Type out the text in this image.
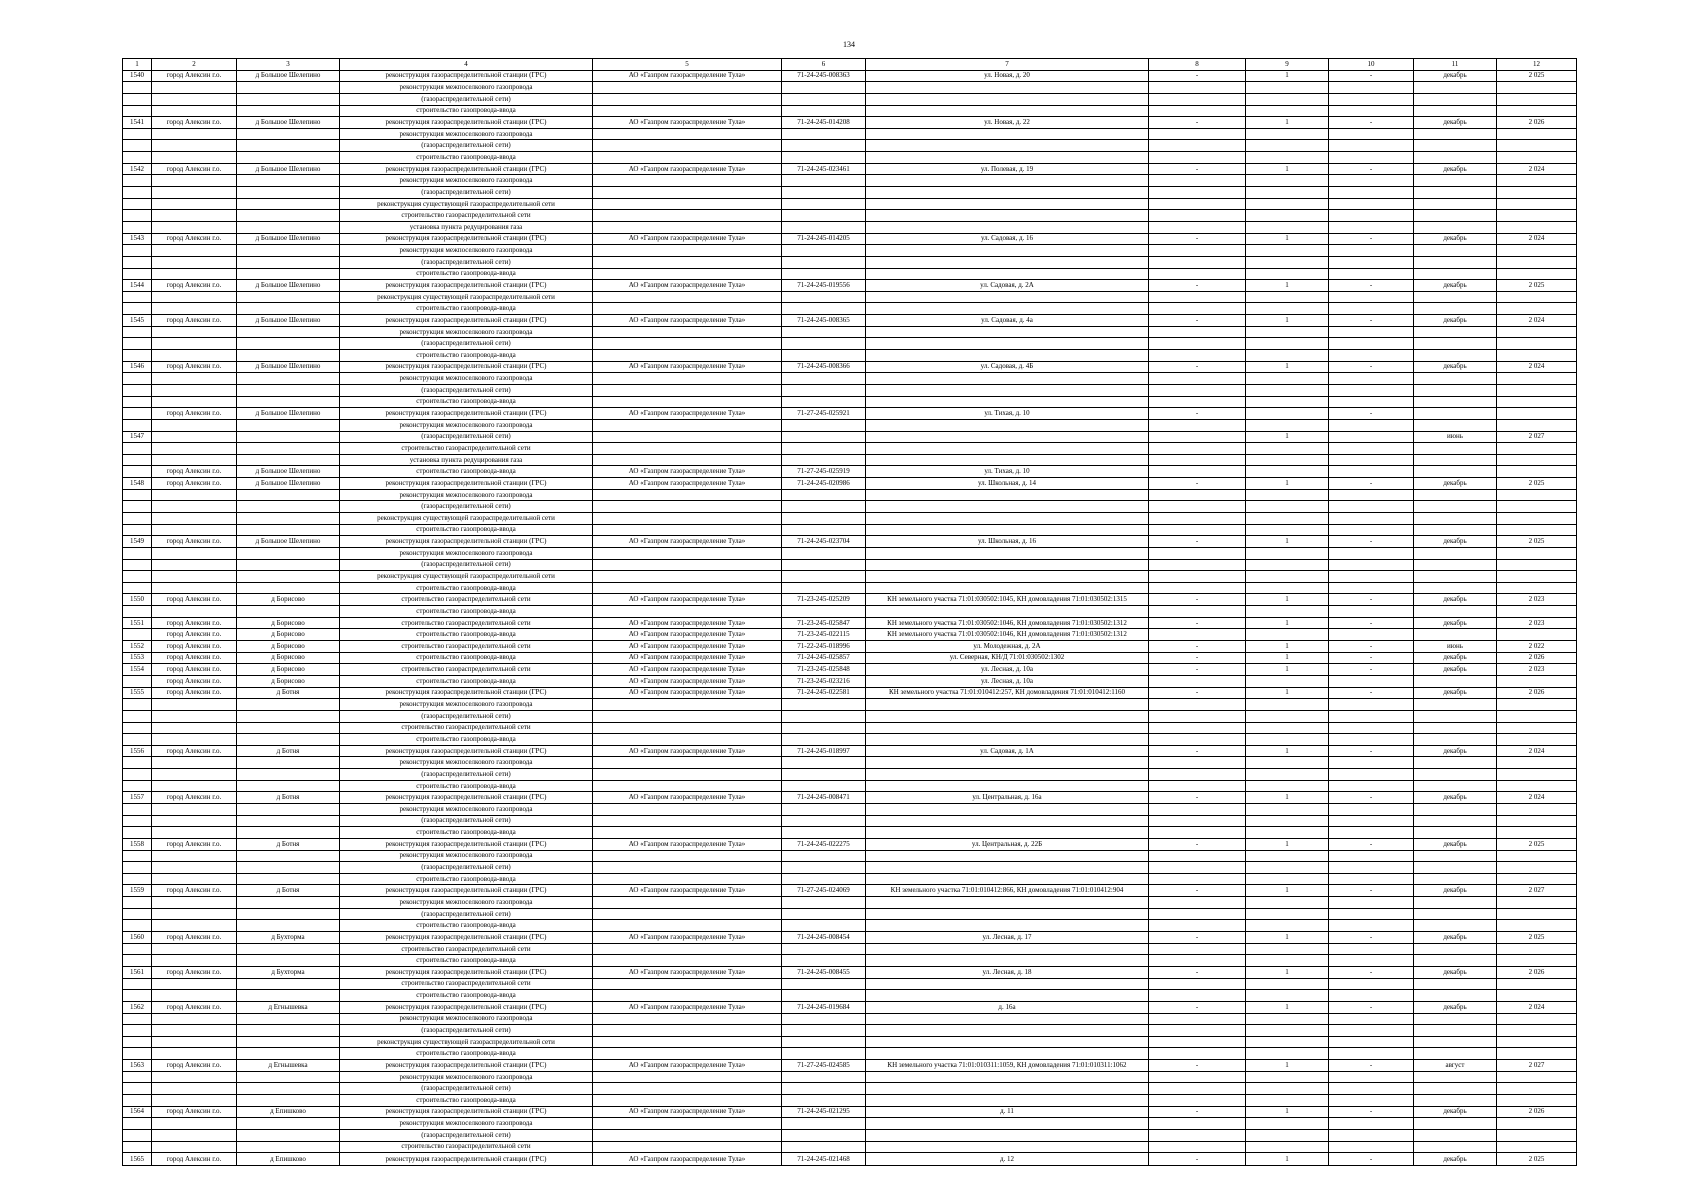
134
1	2	3	4	5	6	7	8	9	10	11	12
1540	город Алексин г.о.	д Большое Шелепино	реконструкция газораспределительной станции (ГРС)	АО «Газпром газораспределение Тула»	71-24-245-008363	ул. Новая, д. 20	-	1	-	декабрь	2 025
			реконструкция межпоселкового газопровода								
			(газораспределительной сети)								
			строительство газопровода-ввода								
1541	город Алексин г.о.	д Большое Шелепино	реконструкция газораспределительной станции (ГРС)	АО «Газпром газораспределение Тула»	71-24-245-014208	ул. Новая, д. 22	-	1	-	декабрь	2 026
			реконструкция межпоселкового газопровода								
			(газораспределительной сети)								
			строительство газопровода-ввода								
1542	город Алексин г.о.	д Большое Шелепино	реконструкция газораспределительной станции (ГРС)	АО «Газпром газораспределение Тула»	71-24-245-023461	ул. Полевая, д. 19	-	1	-	декабрь	2 024
			реконструкция межпоселкового газопровода								
			(газораспределительной сети)								
			реконструкция существующей газораспределительной сети								
			строительство газораспределительной сети								
			установка пункта редуцирования газа								
1543	город Алексин г.о.	д Большое Шелепино	реконструкция газораспределительной станции (ГРС)	АО «Газпром газораспределение Тула»	71-24-245-014205	ул. Садовая, д. 16	-	1	-	декабрь	2 024
			реконструкция межпоселкового газопровода								
			(газораспределительной сети)								
			строительство газопровода-ввода								
1544	город Алексин г.о.	д Большое Шелепино	реконструкция газораспределительной станции (ГРС)	АО «Газпром газораспределение Тула»	71-24-245-019556	ул. Садовая, д. 2А	-	1	-	декабрь	2 025
			реконструкция существующей газораспределительной сети								
			строительство газопровода-ввода								
1545	город Алексин г.о.	д Большое Шелепино	реконструкция газораспределительной станции (ГРС)	АО «Газпром газораспределение Тула»	71-24-245-008365	ул. Садовая, д. 4а	-	1	-	декабрь	2 024
			реконструкция межпоселкового газопровода								
			(газораспределительной сети)								
			строительство газопровода-ввода								
1546	город Алексин г.о.	д Большое Шелепино	реконструкция газораспределительной станции (ГРС)	АО «Газпром газораспределение Тула»	71-24-245-008366	ул. Садовая, д. 4Б	-	1	-	декабрь	2 024
			реконструкция межпоселкового газопровода								
			(газораспределительной сети)								
			строительство газопровода-ввода								
	город Алексин г.о.	д Большое Шелепино	реконструкция газораспределительной станции (ГРС)	АО «Газпром газораспределение Тула»	71-27-245-025921	ул. Тихая, д. 10	-		-		
			реконструкция межпоселкового газопровода								
1547			(газораспределительной сети)					1		июнь	2 027
			строительство газораспределительной сети								
			установка пункта редуцирования газа								
	город Алексин г.о.	д Большое Шелепино	строительство газопровода-ввода	АО «Газпром газораспределение Тула»	71-27-245-025919	ул. Тихая, д. 10					
1548	город Алексин г.о.	д Большое Шелепино	реконструкция газораспределительной станции (ГРС)	АО «Газпром газораспределение Тула»	71-24-245-020986	ул. Школьная, д. 14	-	1	-	декабрь	2 025
			реконструкция межпоселкового газопровода								
			(газораспределительной сети)								
			реконструкция существующей газораспределительной сети								
			строительство газопровода-ввода								
1549	город Алексин г.о.	д Большое Шелепино	реконструкция газораспределительной станции (ГРС)	АО «Газпром газораспределение Тула»	71-24-245-023704	ул. Школьная, д. 16	-	1	-	декабрь	2 025
			реконструкция межпоселкового газопровода								
			(газораспределительной сети)								
			реконструкция существующей газораспределительной сети								
			строительство газопровода-ввода								
1550	город Алексин г.о.	д Борисово	строительство газораспределительной сети	АО «Газпром газораспределение Тула»	71-23-245-025209	КН земельного участка 71:01:030502:1045, КН домовладения 71:01:030502:1315	-	1	-	декабрь	2 023
			строительство газопровода-ввода								
1551	город Алексин г.о.	д Борисово	строительство газораспределительной сети	АО «Газпром газораспределение Тула»	71-23-245-025847	КН земельного участка 71:01:030502:1046, КН домовладения 71:01:030502:1312	-	1	-	декабрь	2 023
	город Алексин г.о.	д Борисово	строительство газопровода-ввода	АО «Газпром газораспределение Тула»	71-23-245-022115	КН земельного участка 71:01:030502:1046, КН домовладения 71:01:030502:1312					
1552	город Алексин г.о.	д Борисово	строительство газораспределительной сети	АО «Газпром газораспределение Тула»	71-22-245-018996	ул. Молодежная, д. 2А	-	1	-	июнь	2 022
1553	город Алексин г.о.	д Борисово	строительство газопровода-ввода	АО «Газпром газораспределение Тула»	71-24-245-025857	ул. Северная, КН/Д 71:01:030502:1302	-	1	-	декабрь	2 026
1554	город Алексин г.о.	д Борисово	строительство газораспределительной сети	АО «Газпром газораспределение Тула»	71-23-245-025848	ул. Лесная, д. 10а	-	1	-	декабрь	2 023
	город Алексин г.о.	д Борисово	строительство газопровода-ввода	АО «Газпром газораспределение Тула»	71-23-245-023216	ул. Лесная, д. 10а					
1555	город Алексин г.о.	д Ботня	реконструкция газораспределительной станции (ГРС)	АО «Газпром газораспределение Тула»	71-24-245-022581	КН земельного участка 71:01:010412:257, КН домовладения 71:01:010412:1160	-	1	-	декабрь	2 026
			реконструкция межпоселкового газопровода								
			(газораспределительной сети)								
			строительство газораспределительной сети								
			строительство газопровода-ввода								
1556	город Алексин г.о.	д Ботня	реконструкция газораспределительной станции (ГРС)	АО «Газпром газораспределение Тула»	71-24-245-018997	ул. Садовая, д. 1А	-	1	-	декабрь	2 024
			реконструкция межпоселкового газопровода								
			(газораспределительной сети)								
			строительство газопровода-ввода								
1557	город Алексин г.о.	д Ботня	реконструкция газораспределительной станции (ГРС)	АО «Газпром газораспределение Тула»	71-24-245-008471	ул. Центральная, д. 16а	-	1	-	декабрь	2 024
			реконструкция межпоселкового газопровода								
			(газораспределительной сети)								
			строительство газопровода-ввода								
1558	город Алексин г.о.	д Ботня	реконструкция газораспределительной станции (ГРС)	АО «Газпром газораспределение Тула»	71-24-245-022275	ул. Центральная, д. 22Б	-	1	-	декабрь	2 025
			реконструкция межпоселкового газопровода								
			(газораспределительной сети)								
			строительство газопровода-ввода								
1559	город Алексин г.о.	д Ботня	реконструкция газораспределительной станции (ГРС)	АО «Газпром газораспределение Тула»	71-27-245-024069	КН земельного участка 71:01:010412:866, КН домовладения 71:01:010412:904	-	1	-	декабрь	2 027
			реконструкция межпоселкового газопровода								
			(газораспределительной сети)								
			строительство газопровода-ввода								
1560	город Алексин г.о.	д Бухторма	реконструкция газораспределительной станции (ГРС)	АО «Газпром газораспределение Тула»	71-24-245-008454	ул. Лесная, д. 17	-	1	-	декабрь	2 025
			строительство газораспределительной сети								
			строительство газопровода-ввода								
1561	город Алексин г.о.	д Бухторма	реконструкция газораспределительной станции (ГРС)	АО «Газпром газораспределение Тула»	71-24-245-008455	ул. Лесная, д. 18	-	1	-	декабрь	2 026
			строительство газораспределительной сети								
			строительство газопровода-ввода								
1562	город Алексин г.о.	д Егнышевка	реконструкция газораспределительной станции (ГРС)	АО «Газпром газораспределение Тула»	71-24-245-019684	д. 16а	-	1	-	декабрь	2 024
			реконструкция межпоселкового газопровода								
			(газораспределительной сети)								
			реконструкция существующей газораспределительной сети								
			строительство газопровода-ввода								
1563	город Алексин г.о.	д Егнышевка	реконструкция газораспределительной станции (ГРС)	АО «Газпром газораспределение Тула»	71-27-245-024585	КН земельного участка 71:01:010311:1059, КН домовладения 71:01:010311:1062	-	1	-	август	2 027
			реконструкция межпоселкового газопровода								
			(газораспределительной сети)								
			строительство газопровода-ввода								
1564	город Алексин г.о.	д Епишково	реконструкция газораспределительной станции (ГРС)	АО «Газпром газораспределение Тула»	71-24-245-021295	д. 11	-	1	-	декабрь	2 026
			реконструкция межпоселкового газопровода								
			(газораспределительной сети)								
			строительство газораспределительной сети								
1565	город Алексин г.о.	д Епишково	реконструкция газораспределительной станции (ГРС)	АО «Газпром газораспределение Тула»	71-24-245-021468	д. 12	-	1	-	декабрь	2 025
